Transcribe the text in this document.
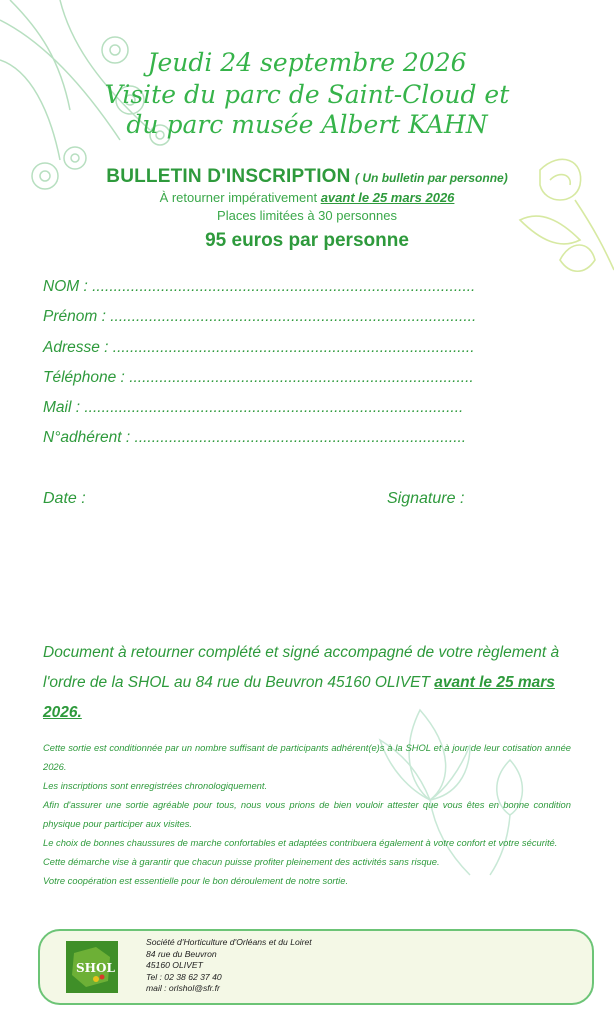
Jeudi 24 septembre 2026
Visite du parc de Saint-Cloud et
du parc musée Albert KAHN
BULLETIN D'INSCRIPTION ( Un bulletin par personne)
À retourner impérativement avant le 25 mars 2026
Places limitées à 30 personnes
95 euros par personne
NOM : .........................................................................................
Prénom : .....................................................................................
Adresse : ....................................................................................
Téléphone : ................................................................................
Mail : ........................................................................................
N°adhérent : .............................................................................
Date :	Signature :
Document à retourner complété et signé accompagné de votre règlement à l'ordre de la SHOL au 84 rue du Beuvron 45160 OLIVET avant le 25 mars 2026.

Cette sortie est conditionnée par un nombre suffisant de participants adhérent(e)s à la SHOL et à jour de leur cotisation année 2026.

Les inscriptions sont enregistrées chronologiquement.

Afin d'assurer une sortie agréable pour tous, nous vous prions de bien vouloir attester que vous êtes en bonne condition physique pour participer aux visites.

Le choix de bonnes chaussures de marche confortables et adaptées contribuera également à votre confort et votre sécurité.

Cette démarche vise à garantir que chacun puisse profiter pleinement des activités sans risque.

Votre coopération est essentielle pour le bon déroulement de notre sortie.

SHOL
Société d'Horticulture d'Orléans et du Loiret
84 rue du Beuvron
45160 OLIVET
Tel : 02 38 62 37 40
mail : orlshol@sfr.fr
